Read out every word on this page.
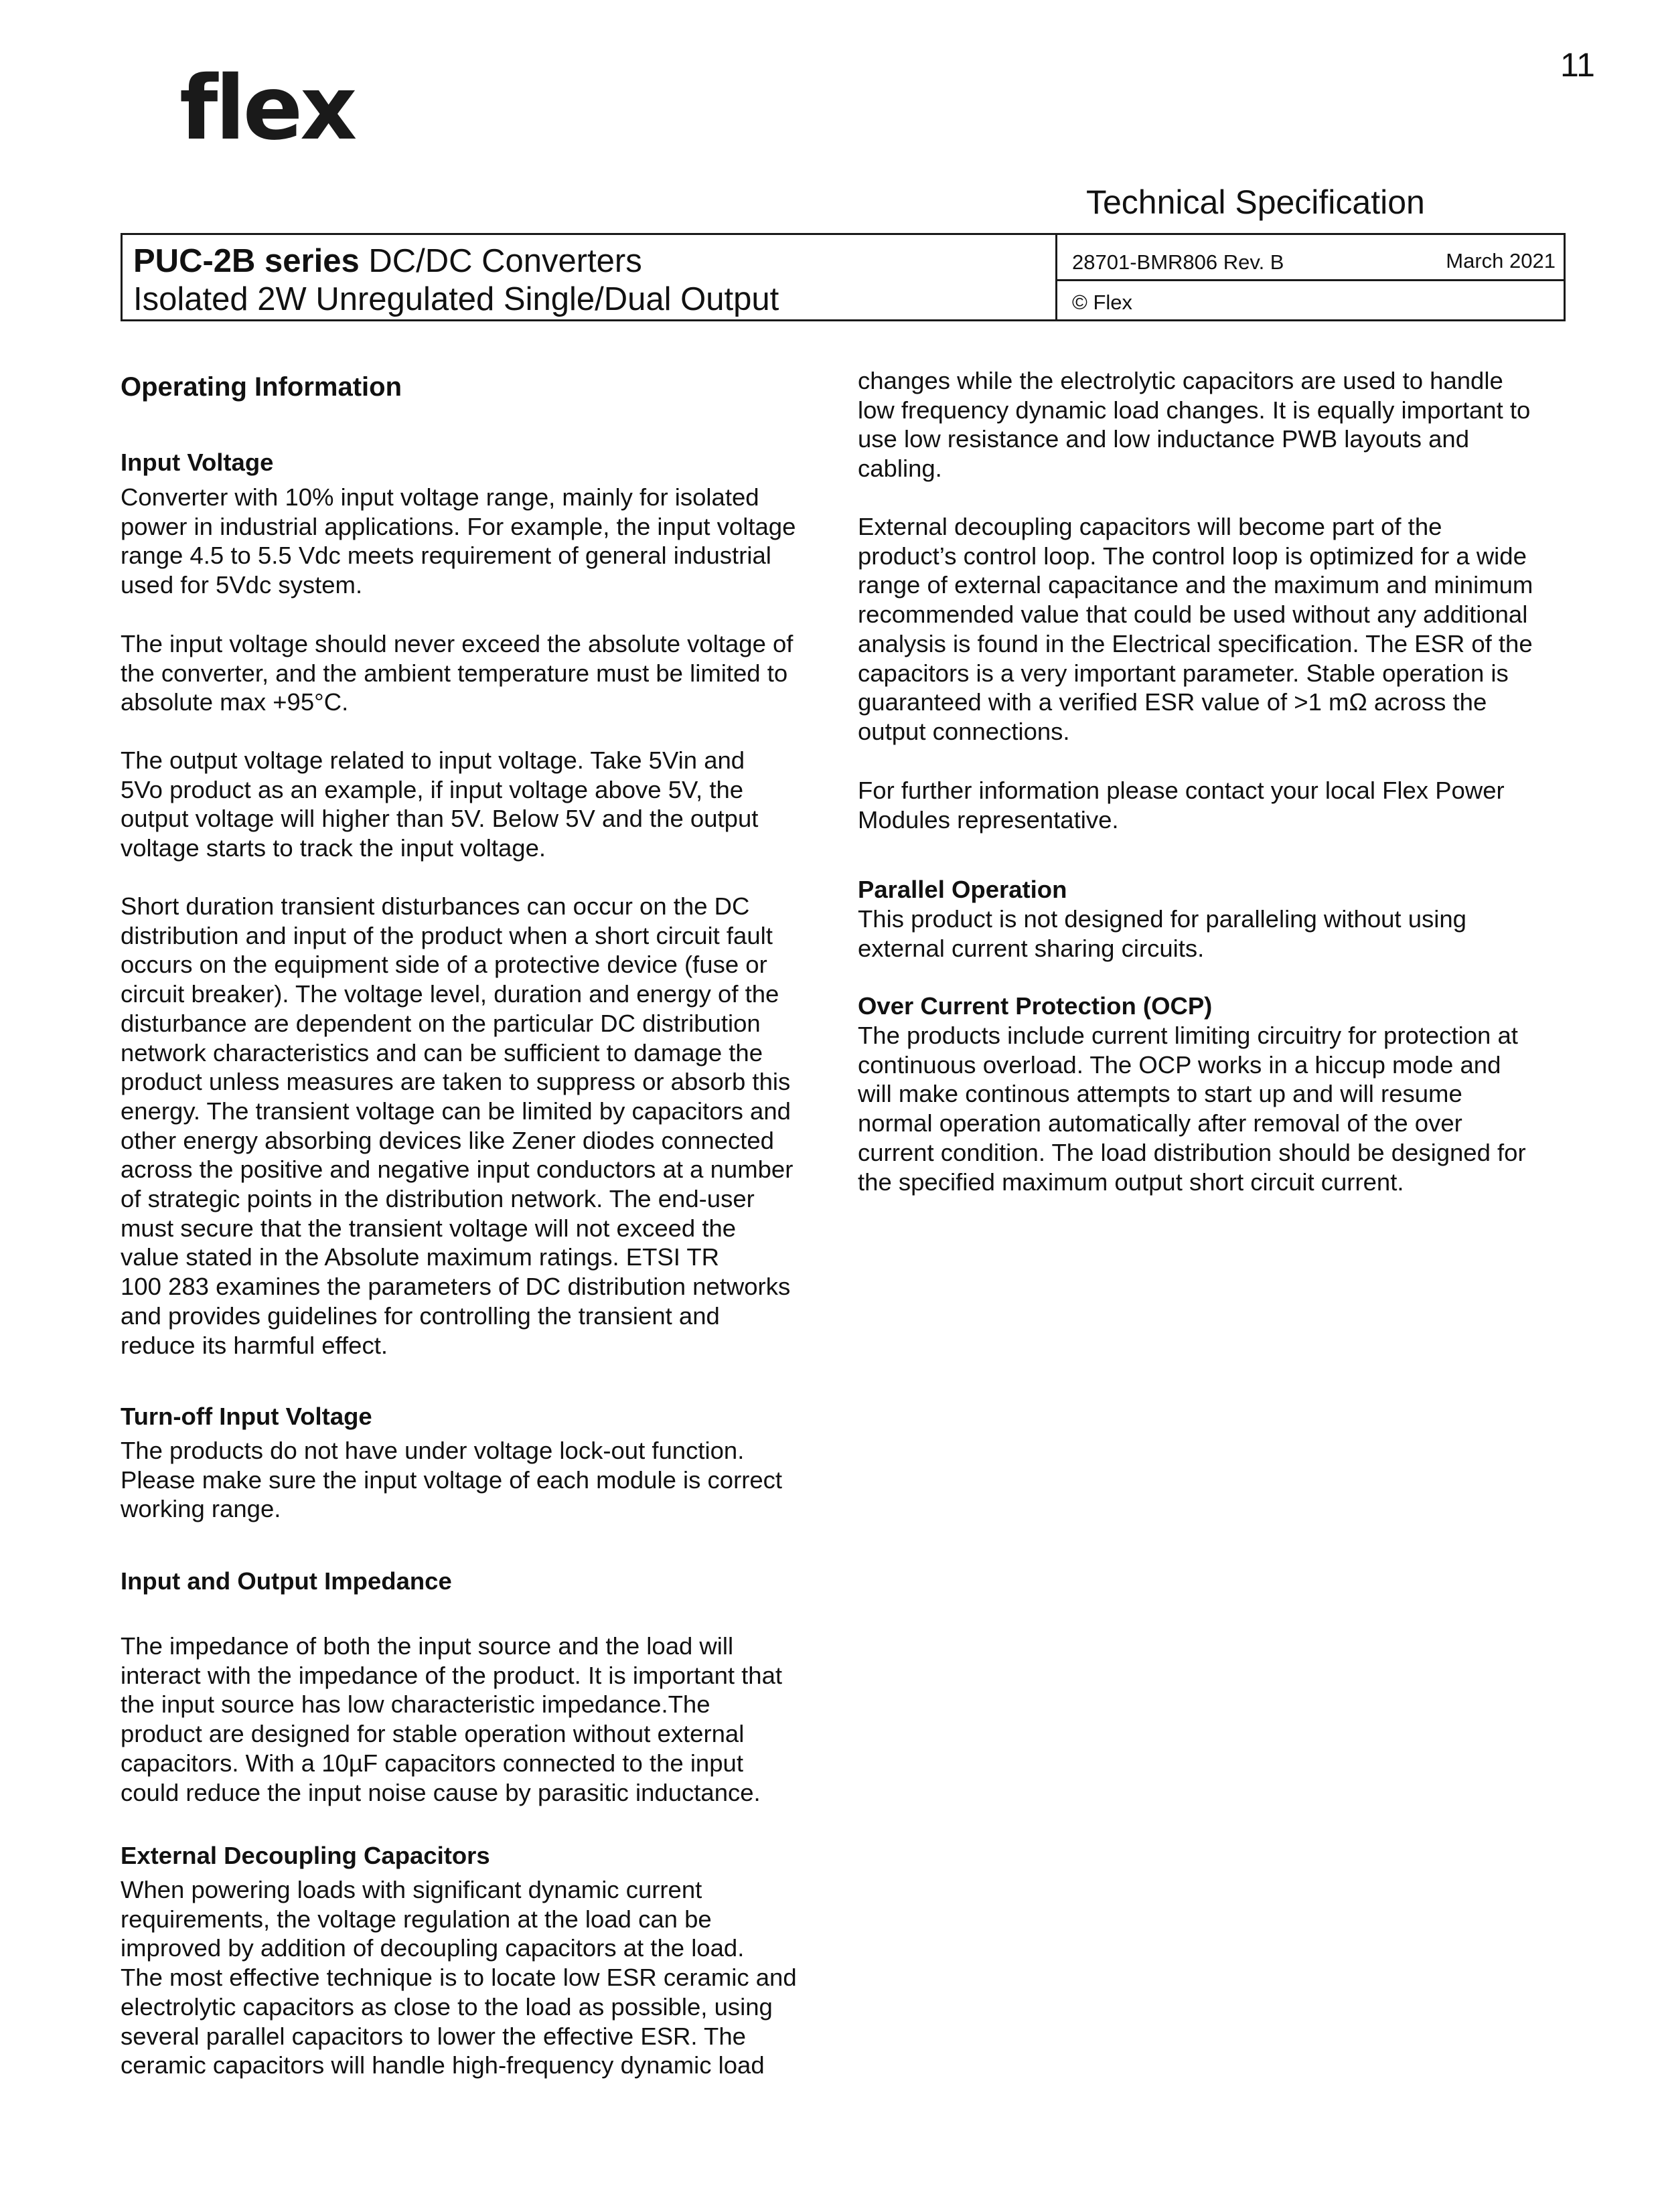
flex	11
Technical Specification
PUC-2B series DC/DC Converters
Isolated 2W Unregulated Single/Dual Output
28701-BMR806 Rev. B	March 2021
© Flex
Operating Information
Input Voltage
Converter with 10% input voltage range, mainly for isolated
power in industrial applications. For example, the input voltage
range 4.5 to 5.5 Vdc meets requirement of general industrial
used for 5Vdc system.
The input voltage should never exceed the absolute voltage of
the converter, and the ambient temperature must be limited to
absolute max +95°C.
The output voltage related to input voltage. Take 5Vin and
5Vo product as an example, if input voltage above 5V, the
output voltage will higher than 5V. Below 5V and the output
voltage starts to track the input voltage.
Short duration transient disturbances can occur on the DC
distribution and input of the product when a short circuit fault
occurs on the equipment side of a protective device (fuse or
circuit breaker). The voltage level, duration and energy of the
disturbance are dependent on the particular DC distribution
network characteristics and can be sufficient to damage the
product unless measures are taken to suppress or absorb this
energy. The transient voltage can be limited by capacitors and
other energy absorbing devices like Zener diodes connected
across the positive and negative input conductors at a number
of strategic points in the distribution network. The end-user
must secure that the transient voltage will not exceed the
value stated in the Absolute maximum ratings. ETSI TR
100 283 examines the parameters of DC distribution networks
and provides guidelines for controlling the transient and
reduce its harmful effect.
Turn-off Input Voltage
The products do not have under voltage lock-out function.
Please make sure the input voltage of each module is correct
working range.
Input and Output Impedance
The impedance of both the input source and the load will
interact with the impedance of the product. It is important that
the input source has low characteristic impedance.The
product are designed for stable operation without external
capacitors. With a 10µF capacitors connected to the input
could reduce the input noise cause by parasitic inductance.
External Decoupling Capacitors
When powering loads with significant dynamic current
requirements, the voltage regulation at the load can be
improved by addition of decoupling capacitors at the load.
The most effective technique is to locate low ESR ceramic and
electrolytic capacitors as close to the load as possible, using
several parallel capacitors to lower the effective ESR. The
ceramic capacitors will handle high-frequency dynamic load
changes while the electrolytic capacitors are used to handle
low frequency dynamic load changes. It is equally important to
use low resistance and low inductance PWB layouts and
cabling.
External decoupling capacitors will become part of the
product’s control loop. The control loop is optimized for a wide
range of external capacitance and the maximum and minimum
recommended value that could be used without any additional
analysis is found in the Electrical specification. The ESR of the
capacitors is a very important parameter. Stable operation is
guaranteed with a verified ESR value of >1 mΩ across the
output connections.
For further information please contact your local Flex Power
Modules representative.
Parallel Operation
This product is not designed for paralleling without using
external current sharing circuits.
Over Current Protection (OCP)
The products include current limiting circuitry for protection at
continuous overload. The OCP works in a hiccup mode and
will make continous attempts to start up and will resume
normal operation automatically after removal of the over
current condition. The load distribution should be designed for
the specified maximum output short circuit current.
